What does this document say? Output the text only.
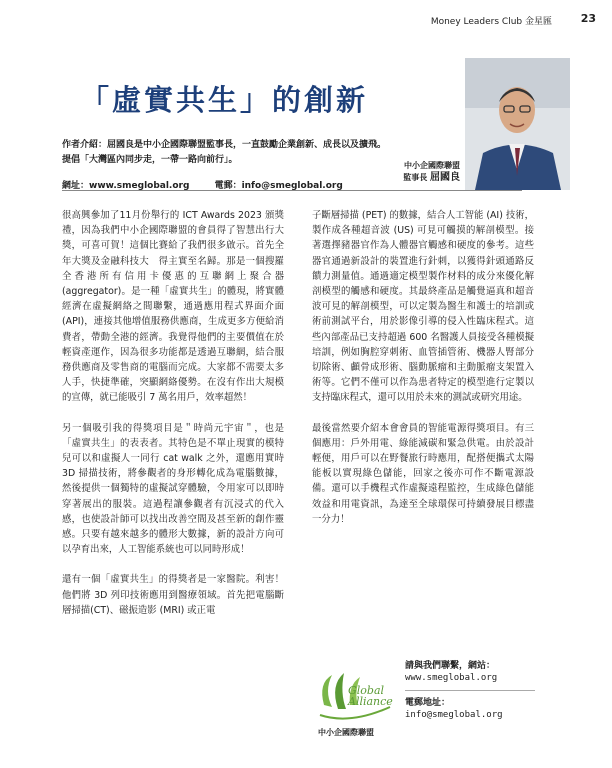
Money Leaders Club 金星匯	23
「虛實共生」的創新
作者介紹：屈國良是中小企國際聯盟監事長，一直鼓勵企業創新、成長以及擴飛。
提倡「大灣區內同步走，一帶一路向前行」。
中小企國際聯盟
監事長 屈國良
網址：www.smeglobal.org	電郵：info@smeglobal.org

很高興參加了11月份舉行的 ICT Awards 2023 頒獎禮，因為我們中小企國際聯盟的會員得了智慧出行大獎，可喜可賀！這個比賽給了我們很多啟示。首先全年大獎及金融科技大　得主實至名歸。那是一個搜羅全香港所有信用卡優惠的互聯網上聚合器 (aggregator)。是一種「虛實共生」的體現，將實體經濟在虛擬網絡之間聯繫，通過應用程式界面介面(API)，連接其他增值服務供應商，生成更多方便給消費者，帶動全港的經濟。我覺得他們的主要價值在於輕資產運作，因為很多功能都是透過互聯網，結合服務供應商及零售商的電腦而完成。大家都不需要太多人手，快捷準確，突顯網絡優勢。在沒有作出大規模的宣傳，就已能吸引 7 萬名用戶，效率超然！

另一個吸引我的得獎項目是＂時尚元宇宙＂，也是「虛實共生」的表表者。其特色是不單止現實的模特兒可以和虛擬人一同行 cat walk 之外，還應用實時 3D 掃描技術，將參觀者的身形轉化成為電腦數據，然後提供一個獨特的虛擬試穿體驗，令用家可以即時穿著展出的服裝。這過程讓參觀者有沉浸式的代入感，也使設計師可以找出改善空間及甚至新的創作靈感。只要有越來越多的體形大數據，新的設計方向可以孕育出來，人工智能系統也可以同時形成！

還有一個「虛實共生」的得獎者是一家醫院。利害！他們將 3D 列印技術應用到醫療領域。首先把電腦斷層掃描(CT)、磁振造影 (MRI) 或正電

子斷層掃描 (PET) 的數據，結合人工智能 (AI) 技術，製作成各種超音波 (US) 可見可觸摸的解剖模型。接著選擇豬器官作為人體器官觸感和硬度的參考。這些器官通過新設計的裝置進行針刺，以獲得針頭通路反饋力測量值。通過適定模型製作材料的成分來優化解剖模型的觸感和硬度。其最終產品是觸覺逼真和超音波可見的解剖模型，可以定製為醫生和護士的培訓或術前測試平台，用於影像引導的侵入性臨床程式。這些內部產品已支持超過 600 名醫護人員接受各種模擬培訓，例如胸腔穿刺術、血管插管術、機器人腎部分切除術、顱骨成形術、腦動脈瘤和主動脈瘤支架置入術等。它們不僅可以作為患者特定的模型進行定製以支持臨床程式，還可以用於未來的測試或研究用途。

最後當然要介紹本會會員的智能電源得獎項目。有三個應用：戶外用電、綠能減碳和緊急供電。由於設計輕便，用戶可以在野餐旅行時應用，配搭便攜式太陽能板以實現綠色儲能，回家之後亦可作不斷電源設備。還可以手機程式作虛擬遠程監控，生成綠色儲能效益和用電資訊，為達至全球環保可持續發展目標盡一分力！

Global Alliance
中小企國際聯盟
請與我們聯繫，網站：
www.smeglobal.org
電郵地址：
info@smeglobal.org
